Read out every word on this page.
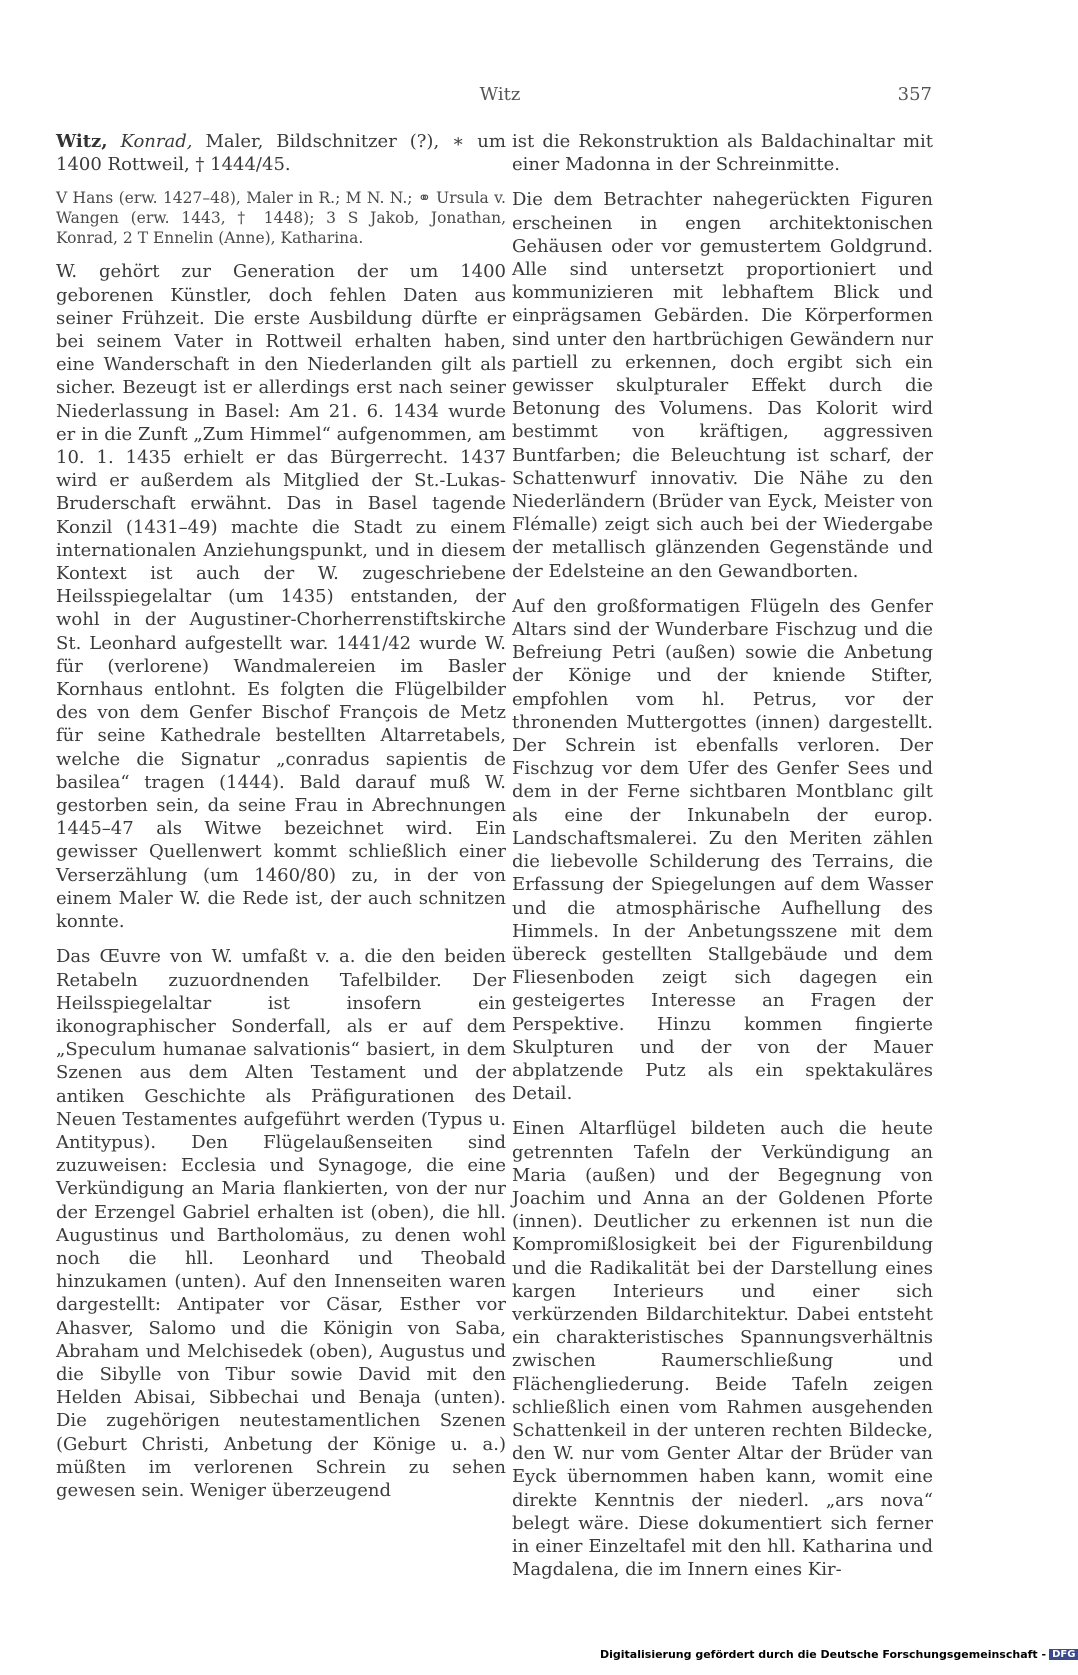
Witz	357

Witz, Konrad, Maler, Bildschnitzer (?), ∗ um 1400 Rottweil, † 1444/45.

V Hans (erw. 1427–48), Maler in R.; M N. N.; ⚭ Ursula v. Wangen (erw. 1443, † 1448); 3 S Jakob, Jonathan, Konrad, 2 T Ennelin (Anne), Katharina.

W. gehört zur Generation der um 1400 geborenen Künstler, doch fehlen Daten aus seiner Frühzeit. Die erste Ausbildung dürfte er bei seinem Vater in Rottweil erhalten haben, eine Wanderschaft in den Niederlanden gilt als sicher. Bezeugt ist er allerdings erst nach seiner Niederlassung in Basel: Am 21. 6. 1434 wurde er in die Zunft „Zum Himmel“ aufgenommen, am 10. 1. 1435 erhielt er das Bürgerrecht. 1437 wird er außerdem als Mitglied der St.-Lukas-Bruderschaft erwähnt. Das in Basel tagende Konzil (1431–49) machte die Stadt zu einem internationalen Anziehungspunkt, und in diesem Kontext ist auch der W. zugeschriebene Heilsspiegelaltar (um 1435) entstanden, der wohl in der Augustiner-Chorherrenstiftskirche St. Leonhard aufgestellt war. 1441/42 wurde W. für (verlorene) Wandmalereien im Basler Kornhaus entlohnt. Es folgten die Flügelbilder des von dem Genfer Bischof François de Metz für seine Kathedrale bestellten Altarretabels, welche die Signatur „conradus sapientis de basilea“ tragen (1444). Bald darauf muß W. gestorben sein, da seine Frau in Abrechnungen 1445–47 als Witwe bezeichnet wird. Ein gewisser Quellenwert kommt schließlich einer Verserzählung (um 1460/80) zu, in der von einem Maler W. die Rede ist, der auch schnitzen konnte.

Das Œuvre von W. umfaßt v. a. die den beiden Retabeln zuzuordnenden Tafelbilder. Der Heilsspiegelaltar ist insofern ein ikonographischer Sonderfall, als er auf dem „Speculum humanae salvationis“ basiert, in dem Szenen aus dem Alten Testament und der antiken Geschichte als Präfigurationen des Neuen Testamentes aufgeführt werden (Typus u. Antitypus). Den Flügelaußenseiten sind zuzuweisen: Ecclesia und Synagoge, die eine Verkündigung an Maria flankierten, von der nur der Erzengel Gabriel erhalten ist (oben), die hll. Augustinus und Bartholomäus, zu denen wohl noch die hll. Leonhard und Theobald hinzukamen (unten). Auf den Innenseiten waren dargestellt: Antipater vor Cäsar, Esther vor Ahasver, Salomo und die Königin von Saba, Abraham und Melchisedek (oben), Augustus und die Sibylle von Tibur sowie David mit den Helden Abisai, Sibbechai und Benaja (unten). Die zugehörigen neutestamentlichen Szenen (Geburt Christi, Anbetung der Könige u. a.) müßten im verlorenen Schrein zu sehen gewesen sein. Weniger überzeugend

ist die Rekonstruktion als Baldachinaltar mit einer Madonna in der Schreinmitte.

Die dem Betrachter nahegerückten Figuren erscheinen in engen architektonischen Gehäusen oder vor gemustertem Goldgrund. Alle sind untersetzt proportioniert und kommunizieren mit lebhaftem Blick und einprägsamen Gebärden. Die Körperformen sind unter den hartbrüchigen Gewändern nur partiell zu erkennen, doch ergibt sich ein gewisser skulpturaler Effekt durch die Betonung des Volumens. Das Kolorit wird bestimmt von kräftigen, aggressiven Buntfarben; die Beleuchtung ist scharf, der Schattenwurf innovativ. Die Nähe zu den Niederländern (Brüder van Eyck, Meister von Flémalle) zeigt sich auch bei der Wiedergabe der metallisch glänzenden Gegenstände und der Edelsteine an den Gewandborten.

Auf den großformatigen Flügeln des Genfer Altars sind der Wunderbare Fischzug und die Befreiung Petri (außen) sowie die Anbetung der Könige und der kniende Stifter, empfohlen vom hl. Petrus, vor der thronenden Muttergottes (innen) dargestellt. Der Schrein ist ebenfalls verloren. Der Fischzug vor dem Ufer des Genfer Sees und dem in der Ferne sichtbaren Montblanc gilt als eine der Inkunabeln der europ. Landschaftsmalerei. Zu den Meriten zählen die liebevolle Schilderung des Terrains, die Erfassung der Spiegelungen auf dem Wasser und die atmosphärische Aufhellung des Himmels. In der Anbetungsszene mit dem übereck gestellten Stallgebäude und dem Fliesenboden zeigt sich dagegen ein gesteigertes Interesse an Fragen der Perspektive. Hinzu kommen fingierte Skulpturen und der von der Mauer abplatzende Putz als ein spektakuläres Detail.

Einen Altarflügel bildeten auch die heute getrennten Tafeln der Verkündigung an Maria (außen) und der Begegnung von Joachim und Anna an der Goldenen Pforte (innen). Deutlicher zu erkennen ist nun die Kompromißlosigkeit bei der Figurenbildung und die Radikalität bei der Darstellung eines kargen Interieurs und einer sich verkürzenden Bildarchitektur. Dabei entsteht ein charakteristisches Spannungsverhältnis zwischen Raumerschließung und Flächengliederung. Beide Tafeln zeigen schließlich einen vom Rahmen ausgehenden Schattenkeil in der unteren rechten Bildecke, den W. nur vom Genter Altar der Brüder van Eyck übernommen haben kann, womit eine direkte Kenntnis der niederl. „ars nova“ belegt wäre. Diese dokumentiert sich ferner in einer Einzeltafel mit den hll. Katharina und Magdalena, die im Innern eines Kir-

Digitalisierung gefördert durch die Deutsche Forschungsgemeinschaft - DFG
